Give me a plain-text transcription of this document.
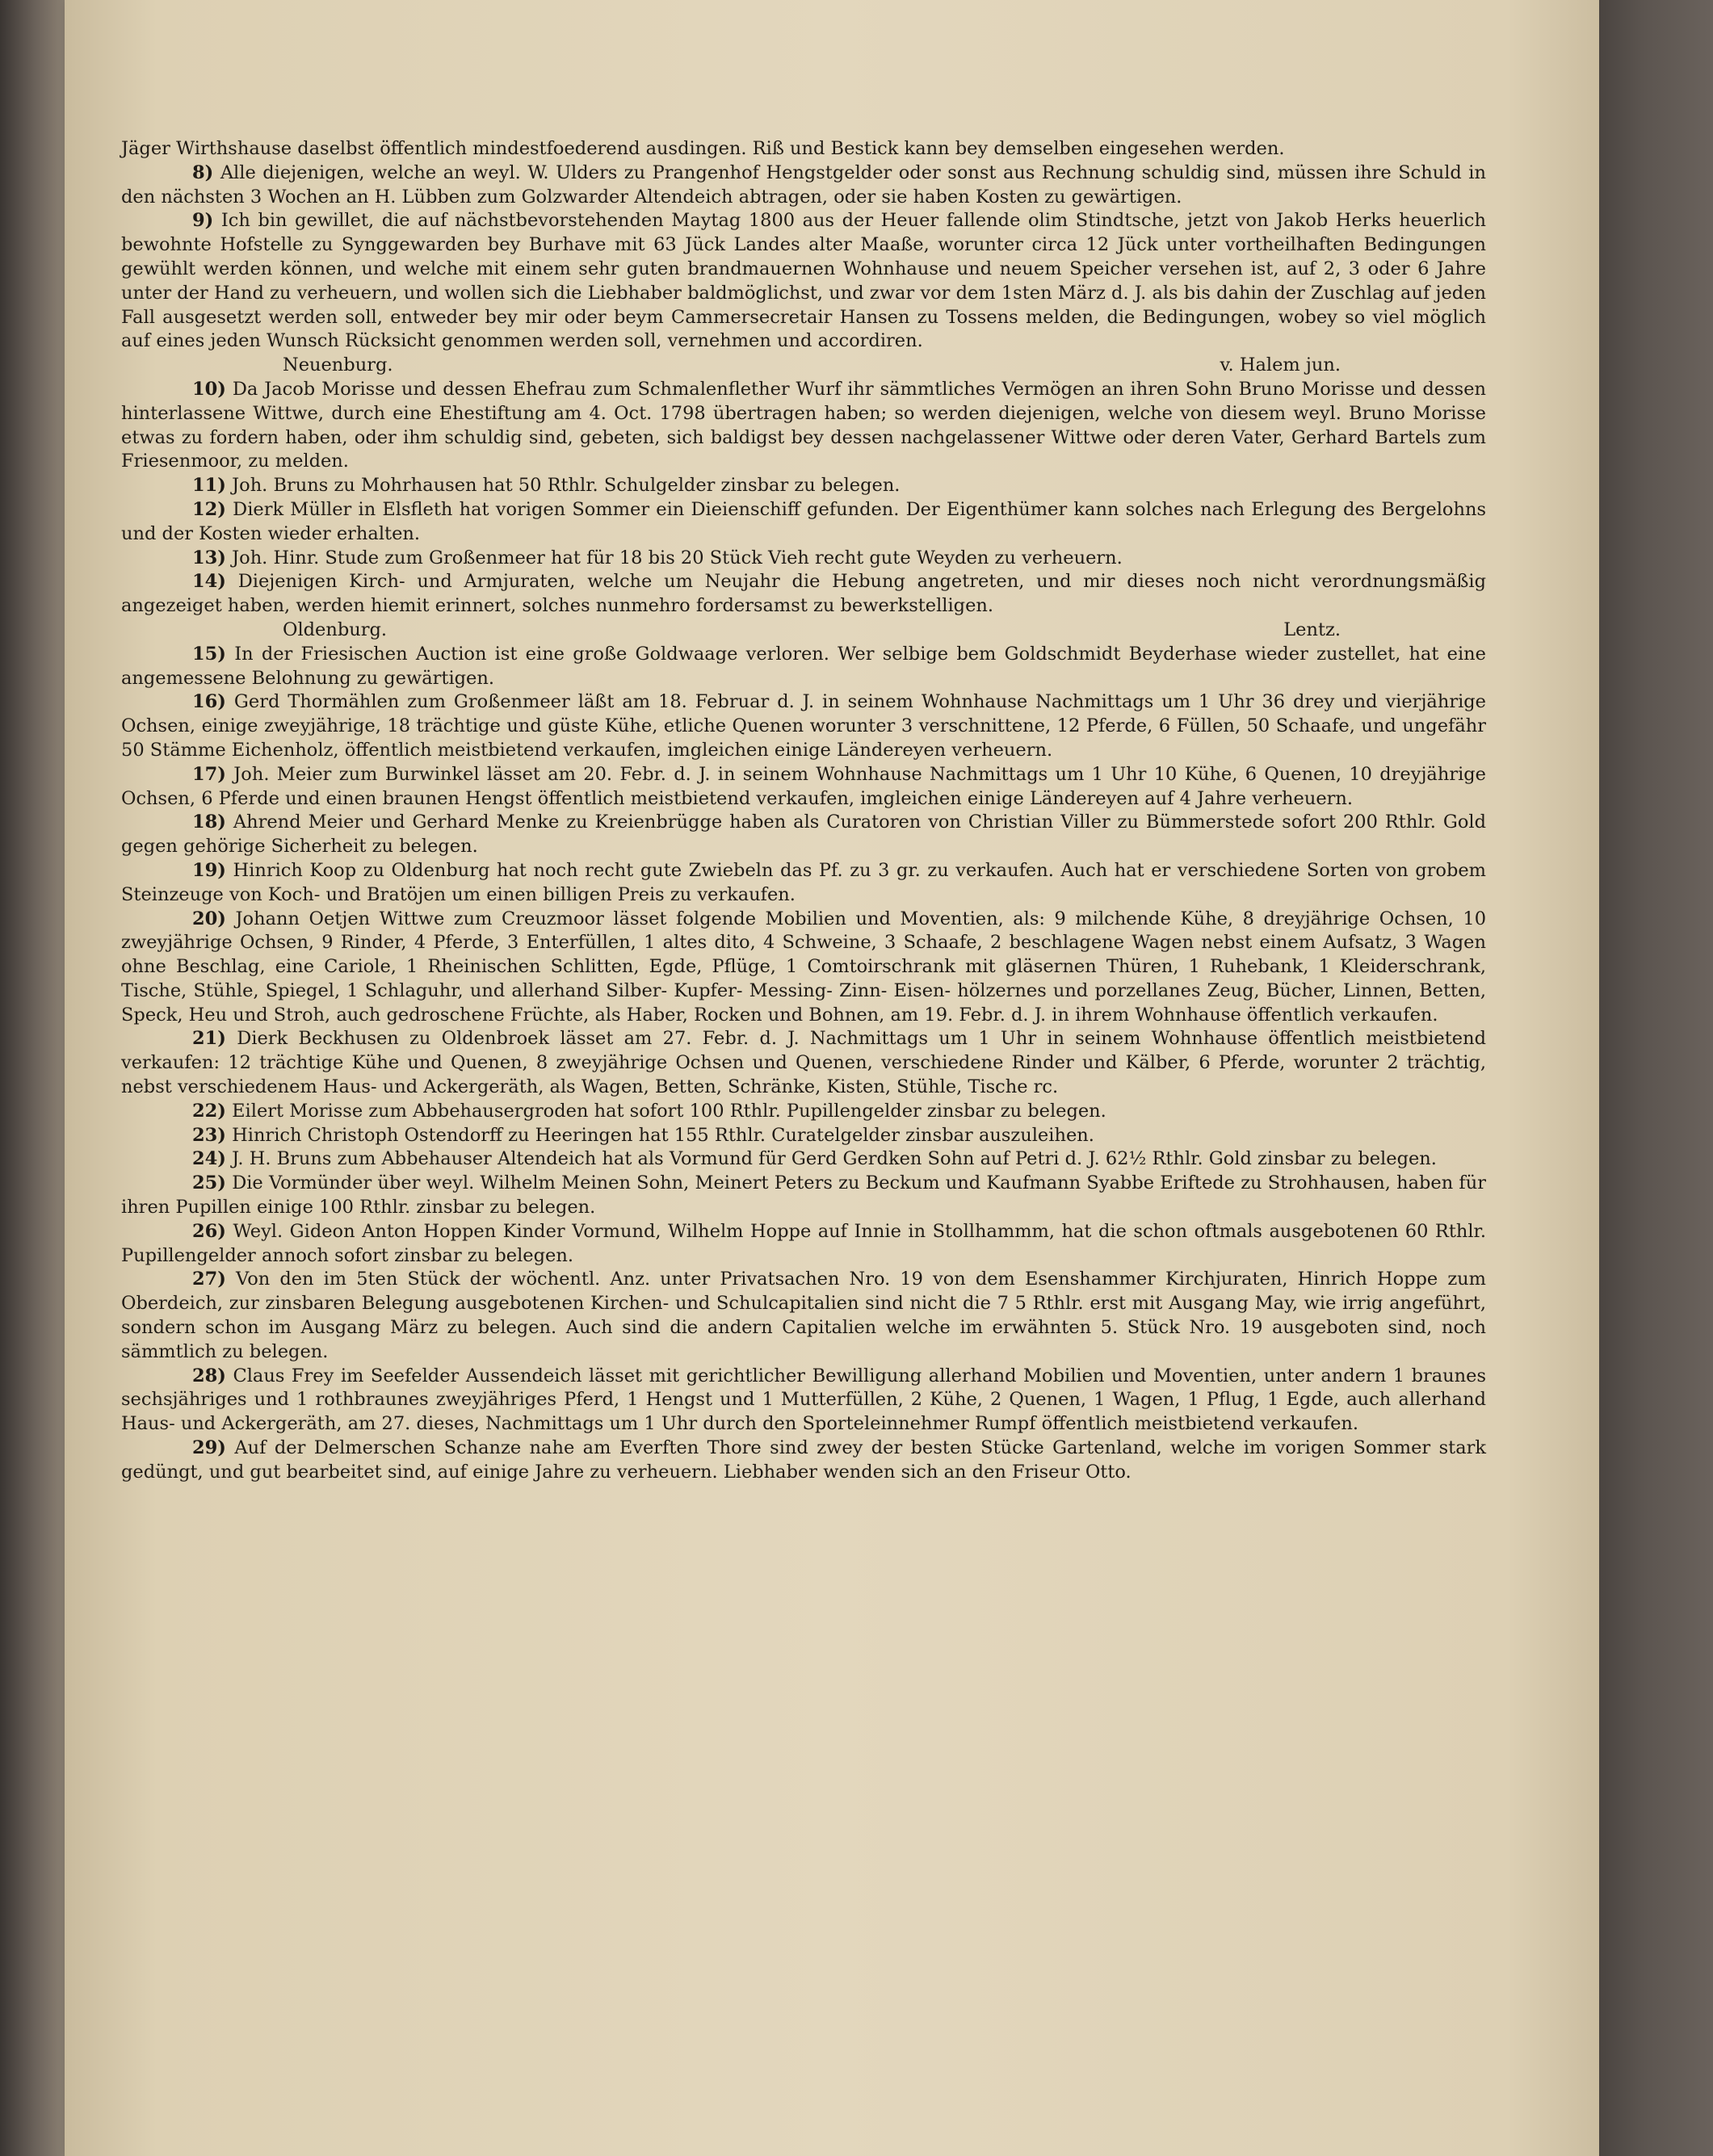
Jäger Wirthshause daselbst öffentlich mindestfoederend ausdingen. Riß und Bestick kann bey demselben eingesehen werden.

8) Alle diejenigen, welche an weyl. W. Ulders zu Prangenhof Hengstgelder oder sonst aus Rechnung schuldig sind, müssen ihre Schuld in den nächsten 3 Wochen an H. Lübben zum Golzwarder Altendeich abtragen, oder sie haben Kosten zu gewärtigen.

9) Ich bin gewillet, die auf nächstbevorstehenden Maytag 1800 aus der Heuer fallende olim Stindtsche, jetzt von Jakob Herks heuerlich bewohnte Hofstelle zu Synggewarden bey Burhave mit 63 Jück Landes alter Maaße, worunter circa 12 Jück unter vortheilhaften Bedingungen gewühlt werden können, und welche mit einem sehr guten brandmauernen Wohnhause und neuem Speicher versehen ist, auf 2, 3 oder 6 Jahre unter der Hand zu verheuern, und wollen sich die Liebhaber baldmöglichst, und zwar vor dem 1sten März d. J. als bis dahin der Zuschlag auf jeden Fall ausgesetzt werden soll, entweder bey mir oder beym Cammersecretair Hansen zu Tossens melden, die Bedingungen, wobey so viel möglich auf eines jeden Wunsch Rücksicht genommen werden soll, vernehmen und accordiren.

Neuenburg.	v. Halem jun.

10) Da Jacob Morisse und dessen Ehefrau zum Schmalenflether Wurf ihr sämmtliches Vermögen an ihren Sohn Bruno Morisse und dessen hinterlassene Wittwe, durch eine Ehestiftung am 4. Oct. 1798 übertragen haben; so werden diejenigen, welche von diesem weyl. Bruno Morisse etwas zu fordern haben, oder ihm schuldig sind, gebeten, sich baldigst bey dessen nachgelassener Wittwe oder deren Vater, Gerhard Bartels zum Friesenmoor, zu melden.

11) Joh. Bruns zu Mohrhausen hat 50 Rthlr. Schulgelder zinsbar zu belegen.

12) Dierk Müller in Elsfleth hat vorigen Sommer ein Dieienschiff gefunden. Der Eigenthümer kann solches nach Erlegung des Bergelohns und der Kosten wieder erhalten.

13) Joh. Hinr. Stude zum Großenmeer hat für 18 bis 20 Stück Vieh recht gute Weyden zu verheuern.

14) Diejenigen Kirch- und Armjuraten, welche um Neujahr die Hebung angetreten, und mir dieses noch nicht verordnungsmäßig angezeiget haben, werden hiemit erinnert, solches nunmehro fordersamst zu bewerkstelligen.

Oldenburg.	Lentz.

15) In der Friesischen Auction ist eine große Goldwaage verloren. Wer selbige bem Goldschmidt Beyderhase wieder zustellet, hat eine angemessene Belohnung zu gewärtigen.

16) Gerd Thormählen zum Großenmeer läßt am 18. Februar d. J. in seinem Wohnhause Nachmittags um 1 Uhr 36 drey und vierjährige Ochsen, einige zweyjährige, 18 trächtige und güste Kühe, etliche Quenen worunter 3 verschnittene, 12 Pferde, 6 Füllen, 50 Schaafe, und ungefähr 50 Stämme Eichenholz, öffentlich meistbietend verkaufen, imgleichen einige Ländereyen verheuern.

17) Joh. Meier zum Burwinkel lässet am 20. Febr. d. J. in seinem Wohnhause Nachmittags um 1 Uhr 10 Kühe, 6 Quenen, 10 dreyjährige Ochsen, 6 Pferde und einen braunen Hengst öffentlich meistbietend verkaufen, imgleichen einige Ländereyen auf 4 Jahre verheuern.

18) Ahrend Meier und Gerhard Menke zu Kreienbrügge haben als Curatoren von Christian Viller zu Bümmerstede sofort 200 Rthlr. Gold gegen gehörige Sicherheit zu belegen.

19) Hinrich Koop zu Oldenburg hat noch recht gute Zwiebeln das Pf. zu 3 gr. zu verkaufen. Auch hat er verschiedene Sorten von grobem Steinzeuge von Koch- und Bratöjen um einen billigen Preis zu verkaufen.

20) Johann Oetjen Wittwe zum Creuzmoor lässet folgende Mobilien und Moventien, als: 9 milchende Kühe, 8 dreyjährige Ochsen, 10 zweyjährige Ochsen, 9 Rinder, 4 Pferde, 3 Enterfüllen, 1 altes dito, 4 Schweine, 3 Schaafe, 2 beschlagene Wagen nebst einem Aufsatz, 3 Wagen ohne Beschlag, eine Cariole, 1 Rheinischen Schlitten, Egde, Pflüge, 1 Comtoirschrank mit gläsernen Thüren, 1 Ruhebank, 1 Kleiderschrank, Tische, Stühle, Spiegel, 1 Schlaguhr, und allerhand Silber- Kupfer- Messing- Zinn- Eisen- hölzernes und porzellanes Zeug, Bücher, Linnen, Betten, Speck, Heu und Stroh, auch gedroschene Früchte, als Haber, Rocken und Bohnen, am 19. Febr. d. J. in ihrem Wohnhause öffentlich verkaufen.

21) Dierk Beckhusen zu Oldenbroek lässet am 27. Febr. d. J. Nachmittags um 1 Uhr in seinem Wohnhause öffentlich meistbietend verkaufen: 12 trächtige Kühe und Quenen, 8 zweyjährige Ochsen und Quenen, verschiedene Rinder und Kälber, 6 Pferde, worunter 2 trächtig, nebst verschiedenem Haus- und Ackergeräth, als Wagen, Betten, Schränke, Kisten, Stühle, Tische rc.

22) Eilert Morisse zum Abbehausergroden hat sofort 100 Rthlr. Pupillengelder zinsbar zu belegen.

23) Hinrich Christoph Ostendorff zu Heeringen hat 155 Rthlr. Curatelgelder zinsbar auszuleihen.

24) J. H. Bruns zum Abbehauser Altendeich hat als Vormund für Gerd Gerdken Sohn auf Petri d. J. 62½ Rthlr. Gold zinsbar zu belegen.

25) Die Vormünder über weyl. Wilhelm Meinen Sohn, Meinert Peters zu Beckum und Kaufmann Syabbe Eriftede zu Strohhausen, haben für ihren Pupillen einige 100 Rthlr. zinsbar zu belegen.

26) Weyl. Gideon Anton Hoppen Kinder Vormund, Wilhelm Hoppe auf Innie in Stollhammm, hat die schon oftmals ausgebotenen 60 Rthlr. Pupillengelder annoch sofort zinsbar zu belegen.

27) Von den im 5ten Stück der wöchentl. Anz. unter Privatsachen Nro. 19 von dem Esenshammer Kirchjuraten, Hinrich Hoppe zum Oberdeich, zur zinsbaren Belegung ausgebotenen Kirchen- und Schulcapitalien sind nicht die 7 5 Rthlr. erst mit Ausgang May, wie irrig angeführt, sondern schon im Ausgang März zu belegen. Auch sind die andern Capitalien welche im erwähnten 5. Stück Nro. 19 ausgeboten sind, noch sämmtlich zu belegen.

28) Claus Frey im Seefelder Aussendeich lässet mit gerichtlicher Bewilligung allerhand Mobilien und Moventien, unter andern 1 braunes sechsjähriges und 1 rothbraunes zweyjähriges Pferd, 1 Hengst und 1 Mutterfüllen, 2 Kühe, 2 Quenen, 1 Wagen, 1 Pflug, 1 Egde, auch allerhand Haus- und Ackergeräth, am 27. dieses, Nachmittags um 1 Uhr durch den Sporteleinnehmer Rumpf öffentlich meistbietend verkaufen.

29) Auf der Delmerschen Schanze nahe am Everften Thore sind zwey der besten Stücke Gartenland, welche im vorigen Sommer stark gedüngt, und gut bearbeitet sind, auf einige Jahre zu verheuern. Liebhaber wenden sich an den Friseur Otto.
